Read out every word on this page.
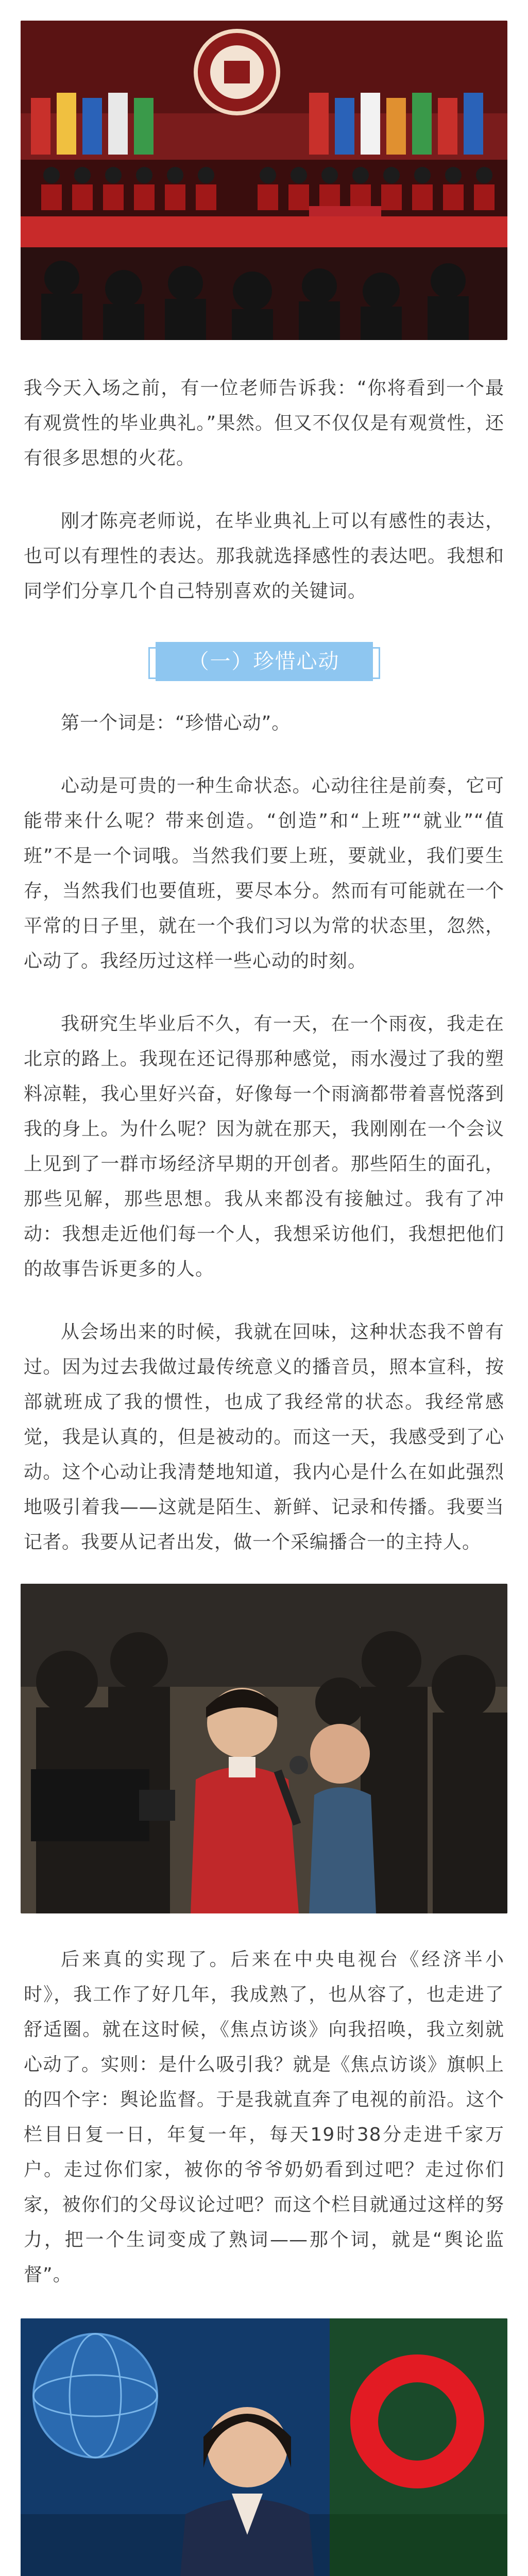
我今天入场之前，有一位老师告诉我：“你将看到一个最有观赏性的毕业典礼。”果然。但又不仅仅是有观赏性，还有很多思想的火花。

刚才陈亮老师说，在毕业典礼上可以有感性的表达，也可以有理性的表达。那我就选择感性的表达吧。我想和同学们分享几个自己特别喜欢的关键词。

（一）珍惜心动

第一个词是：“珍惜心动”。

心动是可贵的一种生命状态。心动往往是前奏，它可能带来什么呢？带来创造。“创造”和“上班”“就业”“值班”不是一个词哦。当然我们要上班，要就业，我们要生存，当然我们也要值班，要尽本分。然而有可能就在一个平常的日子里，就在一个我们习以为常的状态里，忽然，心动了。我经历过这样一些心动的时刻。

我研究生毕业后不久，有一天，在一个雨夜，我走在北京的路上。我现在还记得那种感觉，雨水漫过了我的塑料凉鞋，我心里好兴奋，好像每一个雨滴都带着喜悦落到我的身上。为什么呢？因为就在那天，我刚刚在一个会议上见到了一群市场经济早期的开创者。那些陌生的面孔，那些见解，那些思想。我从来都没有接触过。我有了冲动：我想走近他们每一个人，我想采访他们，我想把他们的故事告诉更多的人。

从会场出来的时候，我就在回味，这种状态我不曾有过。因为过去我做过最传统意义的播音员，照本宣科，按部就班成了我的惯性，也成了我经常的状态。我经常感觉，我是认真的，但是被动的。而这一天，我感受到了心动。这个心动让我清楚地知道，我内心是什么在如此强烈地吸引着我——这就是陌生、新鲜、记录和传播。我要当记者。我要从记者出发，做一个采编播合一的主持人。

后来真的实现了。后来在中央电视台《经济半小时》，我工作了好几年，我成熟了，也从容了，也走进了舒适圈。就在这时候，《焦点访谈》向我招唤，我立刻就心动了。实则：是什么吸引我？就是《焦点访谈》旗帜上的四个字：舆论监督。于是我就直奔了电视的前沿。这个栏目日复一日，年复一年，每天19时38分走进千家万户。走过你们家，被你的爷爷奶奶看到过吧？走过你们家，被你们的父母议论过吧？而这个栏目就通过这样的努力，把一个生词变成了熟词——那个词，就是“舆论监督”。
